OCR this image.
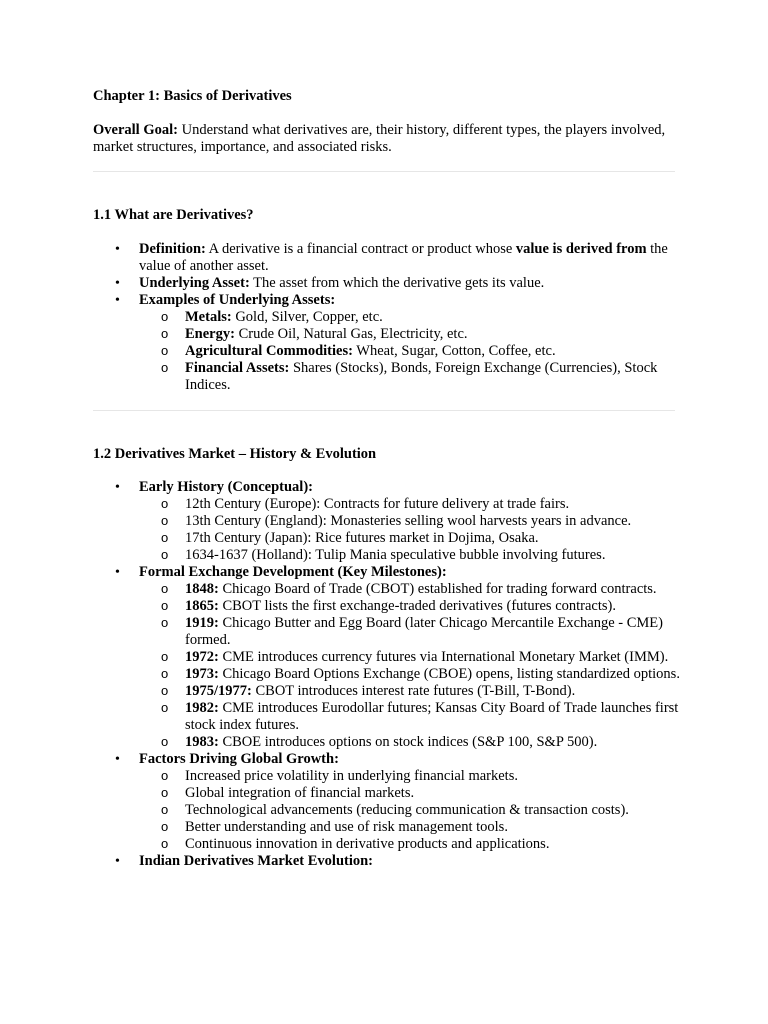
Chapter 1: Basics of Derivatives

Overall Goal: Understand what derivatives are, their history, different types, the players involved, market structures, importance, and associated risks.

1.1 What are Derivatives?

• Definition: A derivative is a financial contract or product whose value is derived from the value of another asset.
• Underlying Asset: The asset from which the derivative gets its value.
• Examples of Underlying Assets:
o Metals: Gold, Silver, Copper, etc.
o Energy: Crude Oil, Natural Gas, Electricity, etc.
o Agricultural Commodities: Wheat, Sugar, Cotton, Coffee, etc.
o Financial Assets: Shares (Stocks), Bonds, Foreign Exchange (Currencies), Stock Indices.

1.2 Derivatives Market – History & Evolution

• Early History (Conceptual):
o 12th Century (Europe): Contracts for future delivery at trade fairs.
o 13th Century (England): Monasteries selling wool harvests years in advance.
o 17th Century (Japan): Rice futures market in Dojima, Osaka.
o 1634-1637 (Holland): Tulip Mania speculative bubble involving futures.
• Formal Exchange Development (Key Milestones):
o 1848: Chicago Board of Trade (CBOT) established for trading forward contracts.
o 1865: CBOT lists the first exchange-traded derivatives (futures contracts).
o 1919: Chicago Butter and Egg Board (later Chicago Mercantile Exchange - CME) formed.
o 1972: CME introduces currency futures via International Monetary Market (IMM).
o 1973: Chicago Board Options Exchange (CBOE) opens, listing standardized options.
o 1975/1977: CBOT introduces interest rate futures (T-Bill, T-Bond).
o 1982: CME introduces Eurodollar futures; Kansas City Board of Trade launches first stock index futures.
o 1983: CBOE introduces options on stock indices (S&P 100, S&P 500).
• Factors Driving Global Growth:
o Increased price volatility in underlying financial markets.
o Global integration of financial markets.
o Technological advancements (reducing communication & transaction costs).
o Better understanding and use of risk management tools.
o Continuous innovation in derivative products and applications.
• Indian Derivatives Market Evolution:
